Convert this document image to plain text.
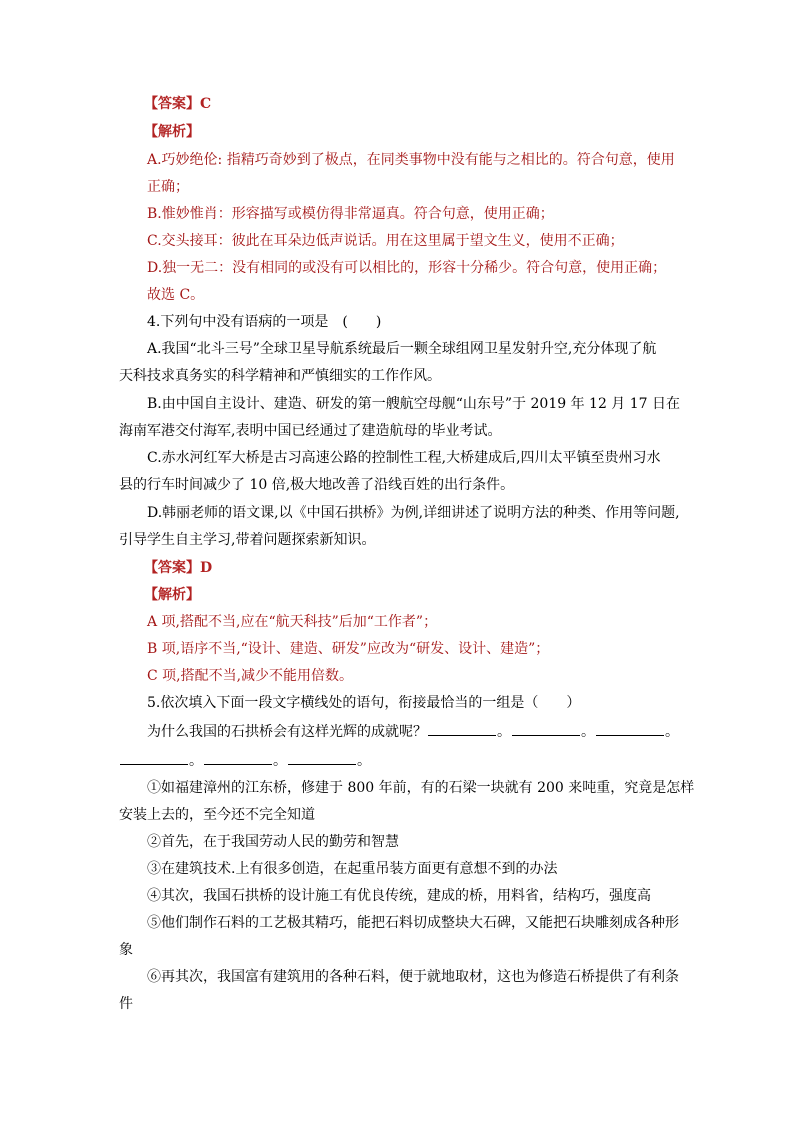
【答案】C
【解析】
A.巧妙绝伦: 指精巧奇妙到了极点，在同类事物中没有能与之相比的。符合句意，使用
正确；
B.惟妙惟肖：形容描写或模仿得非常逼真。符合句意，使用正确；
C.交头接耳：彼此在耳朵边低声说话。用在这里属于望文生义，使用不正确；
D.独一无二：没有相同的或没有可以相比的，形容十分稀少。符合句意，使用正确；
故选 C。
4.下列句中没有语病的一项是　(　　)
A.我国“北斗三号”全球卫星导航系统最后一颗全球组网卫星发射升空,充分体现了航
天科技求真务实的科学精神和严慎细实的工作作风。
B.由中国自主设计、建造、研发的第一艘航空母舰“山东号”于 2019 年 12 月 17 日在
海南军港交付海军,表明中国已经通过了建造航母的毕业考试。
C.赤水河红军大桥是古习高速公路的控制性工程,大桥建成后,四川太平镇至贵州习水
县的行车时间减少了 10 倍,极大地改善了沿线百姓的出行条件。
D.韩丽老师的语文课,以《中国石拱桥》为例,详细讲述了说明方法的种类、作用等问题,
引导学生自主学习,带着问题探索新知识。
【答案】D
【解析】
A 项,搭配不当,应在“航天科技”后加“工作者”；
B 项,语序不当,“设计、建造、研发”应改为“研发、设计、建造”；
C 项,搭配不当,减少不能用倍数。
5.依次填入下面一段文字横线处的语句，衔接最恰当的一组是（　　）
为什么我国的石拱桥会有这样光辉的成就呢？	。	。	。
。	。	。
①如福建漳州的江东桥，修建于 800 年前，有的石梁一块就有 200 来吨重，究竟是怎样
安装上去的，至今还不完全知道
②首先，在于我国劳动人民的勤劳和智慧
③在建筑技术.上有很多创造，在起重吊装方面更有意想不到的办法
④其次，我国石拱桥的设计施工有优良传统，建成的桥，用料省，结构巧，强度高
⑤他们制作石料的工艺极其精巧，能把石料切成整块大石碑，又能把石块雕刻成各种形
象
⑥再其次，我国富有建筑用的各种石料，便于就地取材，这也为修造石桥提供了有利条
件
